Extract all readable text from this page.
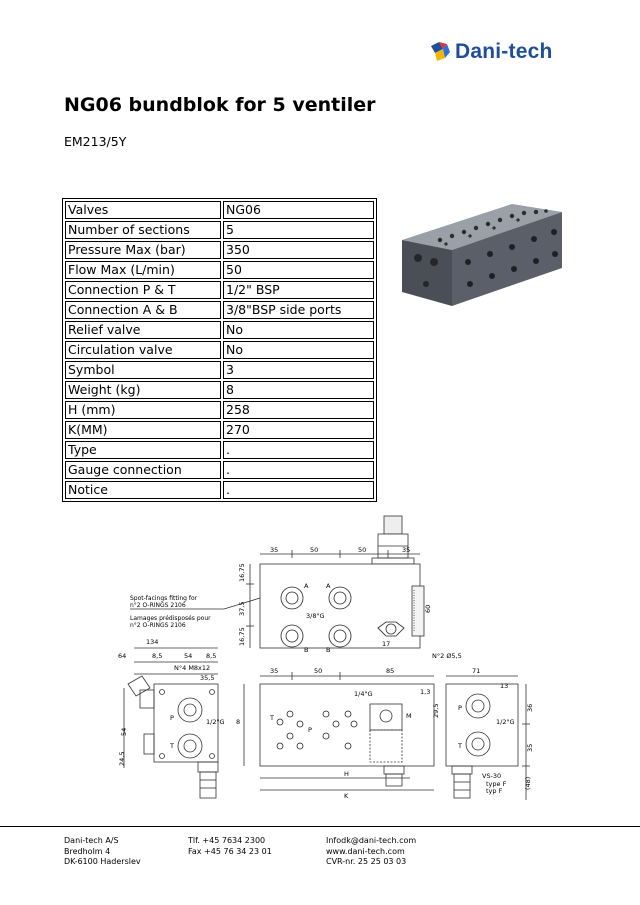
Dani-tech
NG06 bundblok for 5 ventiler
EM213/5Y
Valves	NG06
Number of sections	5
Pressure Max (bar)	350
Flow Max (L/min)	50
Connection P & T	1/2" BSP
Connection A & B	3/8"BSP side ports
Relief valve	No
Circulation valve	No
Symbol	3
Weight (kg)	8
H (mm)	258
K(MM)	270
Type	.
Gauge connection	.
Notice	.
35	50	50	35
16,75
37,5
16,75
A
B
A
B
3/8"G
60
17
N°2 Ø5,5
Spot-facings fitting for
n°2 O-RINGS 2106
Lamages prédisposés pour
n°2 O-RINGS 2106
134
64	8,5	54 8,5
35,5
N°4 M8x12
P
T
1/2"G
54
24,5
35	50	85
1/4"G
M
1,3
29,5
H
K
8	T
P
71
36
35
(48)
13
P
T
1/2"G
VS-30
type F
typ F
Dani-tech A/S
Bredholm 4
DK-6100 Haderslev
Tlf. +45 7634 2300
Fax +45 76 34 23 01
Infodk@dani-tech.com
www.dani-tech.com
CVR-nr. 25 25 03 03
